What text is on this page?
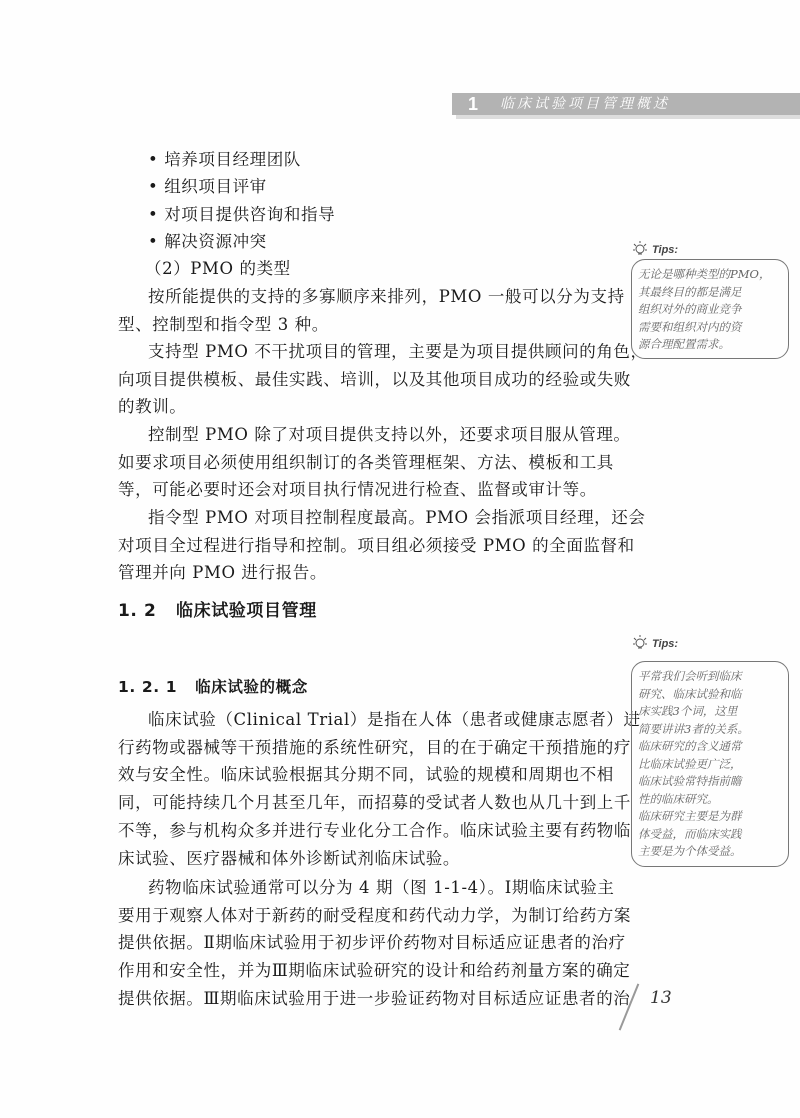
1 临床试验项目管理概述
• 培养项目经理团队
• 组织项目评审
• 对项目提供咨询和指导
• 解决资源冲突
（2）PMO 的类型
按所能提供的支持的多寡顺序来排列，PMO 一般可以分为支持
型、控制型和指令型 3 种。
支持型 PMO 不干扰项目的管理，主要是为项目提供顾问的角色，
向项目提供模板、最佳实践、培训，以及其他项目成功的经验或失败
的教训。
控制型 PMO 除了对项目提供支持以外，还要求项目服从管理。
如要求项目必须使用组织制订的各类管理框架、方法、模板和工具
等，可能必要时还会对项目执行情况进行检查、监督或审计等。
指令型 PMO 对项目控制程度最高。PMO 会指派项目经理，还会
对项目全过程进行指导和控制。项目组必须接受 PMO 的全面监督和
管理并向 PMO 进行报告。
1. 2 临床试验项目管理
1. 2. 1 临床试验的概念
临床试验（Clinical Trial）是指在人体（患者或健康志愿者）进
行药物或器械等干预措施的系统性研究，目的在于确定干预措施的疗
效与安全性。临床试验根据其分期不同，试验的规模和周期也不相
同，可能持续几个月甚至几年，而招募的受试者人数也从几十到上千
不等，参与机构众多并进行专业化分工合作。临床试验主要有药物临
床试验、医疗器械和体外诊断试剂临床试验。
药物临床试验通常可以分为 4 期（图 1-1-4）。Ⅰ期临床试验主
要用于观察人体对于新药的耐受程度和药代动力学，为制订给药方案
提供依据。Ⅱ期临床试验用于初步评价药物对目标适应证患者的治疗
作用和安全性，并为Ⅲ期临床试验研究的设计和给药剂量方案的确定
提供依据。Ⅲ期临床试验用于进一步验证药物对目标适应证患者的治
Tips:
无论是哪种类型的PMO，
其最终目的都是满足
组织对外的商业竞争
需要和组织对内的资
源合理配置需求。
Tips:
平常我们会听到临床
研究、临床试验和临
床实践3个词，这里
简要讲讲3者的关系。
临床研究的含义通常
比临床试验更广泛，
临床试验常特指前瞻
性的临床研究。
临床研究主要是为群
体受益，而临床实践
主要是为个体受益。
13
